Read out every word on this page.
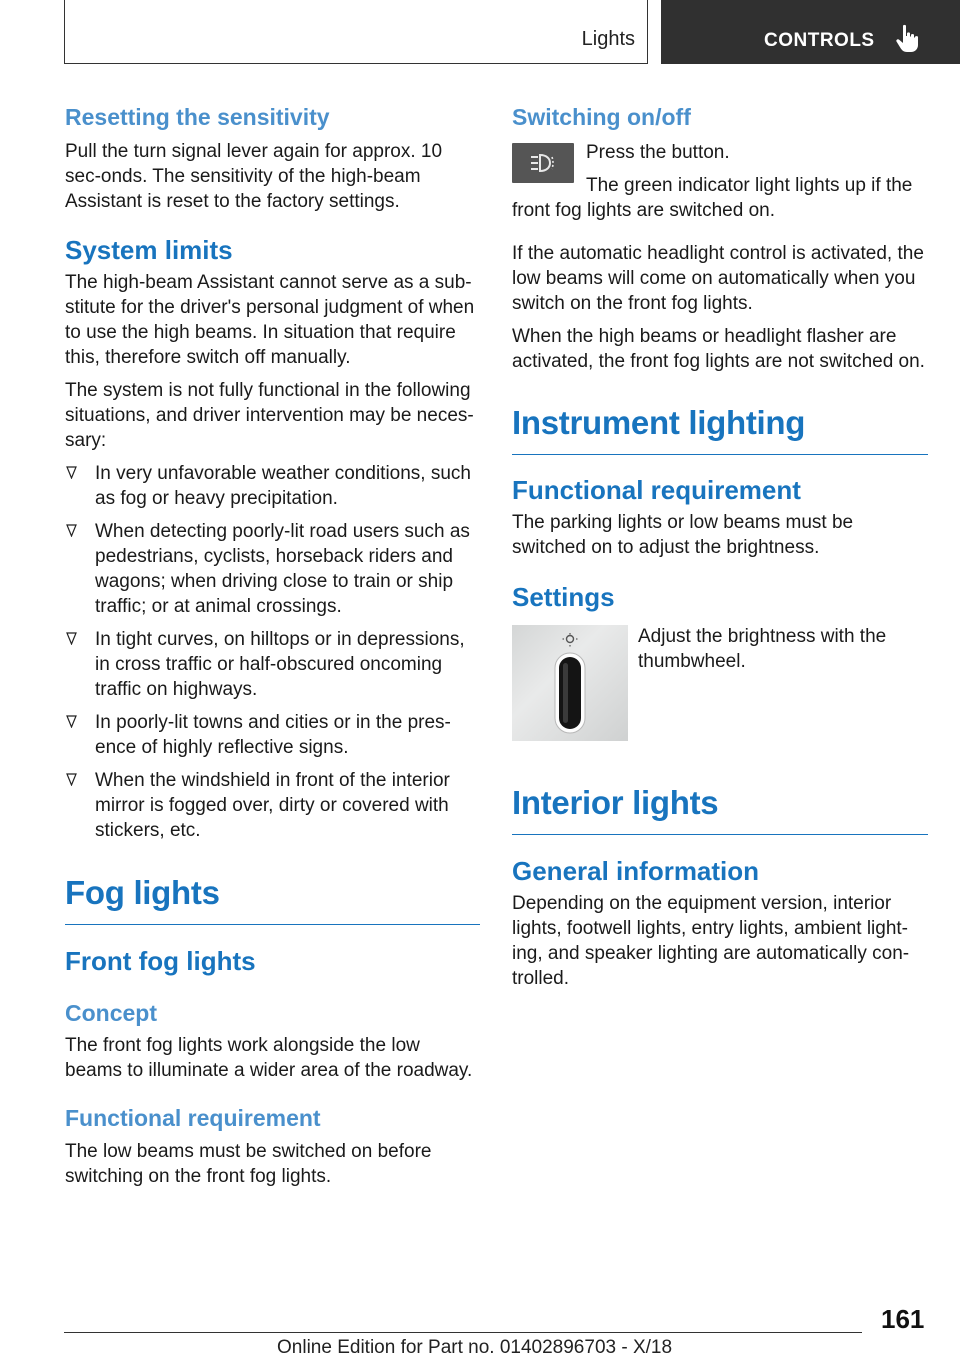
Lights	CONTROLS
Resetting the sensitivity

Pull the turn signal lever again for approx. 10 sec‐onds. The sensitivity of the high-beam Assistant is reset to the factory settings.

System limits

The high-beam Assistant cannot serve as a sub‐stitute for the driver's personal judgment of when to use the high beams. In situation that require this, therefore switch off manually.

The system is not fully functional in the following situations, and driver intervention may be neces‐sary:

In very unfavorable weather conditions, such as fog or heavy precipitation.
When detecting poorly-lit road users such as pedestrians, cyclists, horseback riders and wagons; when driving close to train or ship traffic; or at animal crossings.
In tight curves, on hilltops or in depressions, in cross traffic or half-obscured oncoming traffic on highways.
In poorly-lit towns and cities or in the pres‐ence of highly reflective signs.
When the windshield in front of the interior mirror is fogged over, dirty or covered with stickers, etc.
Fog lights
Front fog lights
Concept

The front fog lights work alongside the low beams to illuminate a wider area of the roadway.

Functional requirement

The low beams must be switched on before switching on the front fog lights.

Switching on/off

Press the button.

The green indicator light lights up if the front fog lights are switched on.

If the automatic headlight control is activated, the low beams will come on automatically when you switch on the front fog lights.

When the high beams or headlight flasher are activated, the front fog lights are not switched on.

Instrument lighting
Functional requirement

The parking lights or low beams must be switched on to adjust the brightness.

Settings

Adjust the brightness with the thumbwheel.

Interior lights
General information

Depending on the equipment version, interior lights, footwell lights, entry lights, ambient light‐ing, and speaker lighting are automatically con‐trolled.

161
Online Edition for Part no. 01402896703 - X/18
